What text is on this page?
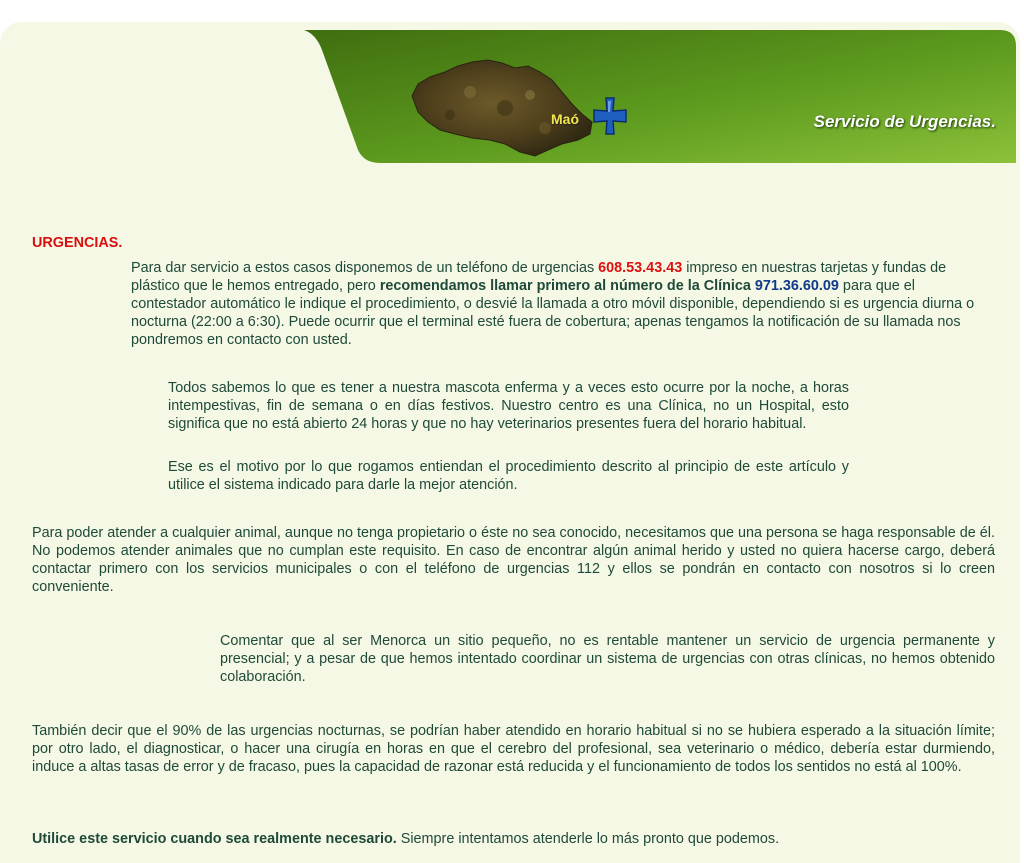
Maó	Servicio de Urgencias.
URGENCIAS.

Para dar servicio a estos casos disponemos de un teléfono de urgencias 608.53.43.43 impreso en nuestras tarjetas y fundas de plástico que le hemos entregado, pero recomendamos llamar primero al número de la Clínica 971.36.60.09 para que el contestador automático le indique el procedimiento, o desvié la llamada a otro móvil disponible, dependiendo si es urgencia diurna o nocturna (22:00 a 6:30). Puede ocurrir que el terminal esté fuera de cobertura; apenas tengamos la notificación de su llamada nos pondremos en contacto con usted.

Todos sabemos lo que es tener a nuestra mascota enferma y a veces esto ocurre por la noche, a horas intempestivas, fin de semana o en días festivos. Nuestro centro es una Clínica, no un Hospital, esto significa que no está abierto 24 horas y que no hay veterinarios presentes fuera del horario habitual.

Ese es el motivo por lo que rogamos entiendan el procedimiento descrito al principio de este artículo y utilice el sistema indicado para darle la mejor atención.

Para poder atender a cualquier animal, aunque no tenga propietario o éste no sea conocido, necesitamos que una persona se haga responsable de él. No podemos atender animales que no cumplan este requisito. En caso de encontrar algún animal herido y usted no quiera hacerse cargo, deberá contactar primero con los servicios municipales o con el teléfono de urgencias 112 y ellos se pondrán en contacto con nosotros si lo creen conveniente.

Comentar que al ser Menorca un sitio pequeño, no es rentable mantener un servicio de urgencia permanente y presencial; y a pesar de que hemos intentado coordinar un sistema de urgencias con otras clínicas, no hemos obtenido colaboración.

También decir que el 90% de las urgencias nocturnas, se podrían haber atendido en horario habitual si no se hubiera esperado a la situación límite; por otro lado, el diagnosticar, o hacer una cirugía en horas en que el cerebro del profesional, sea veterinario o médico, debería estar durmiendo, induce a altas tasas de error y de fracaso, pues la capacidad de razonar está reducida y el funcionamiento de todos los sentidos no está al 100%.

Utilice este servicio cuando sea realmente necesario. Siempre intentamos atenderle lo más pronto que podemos.
